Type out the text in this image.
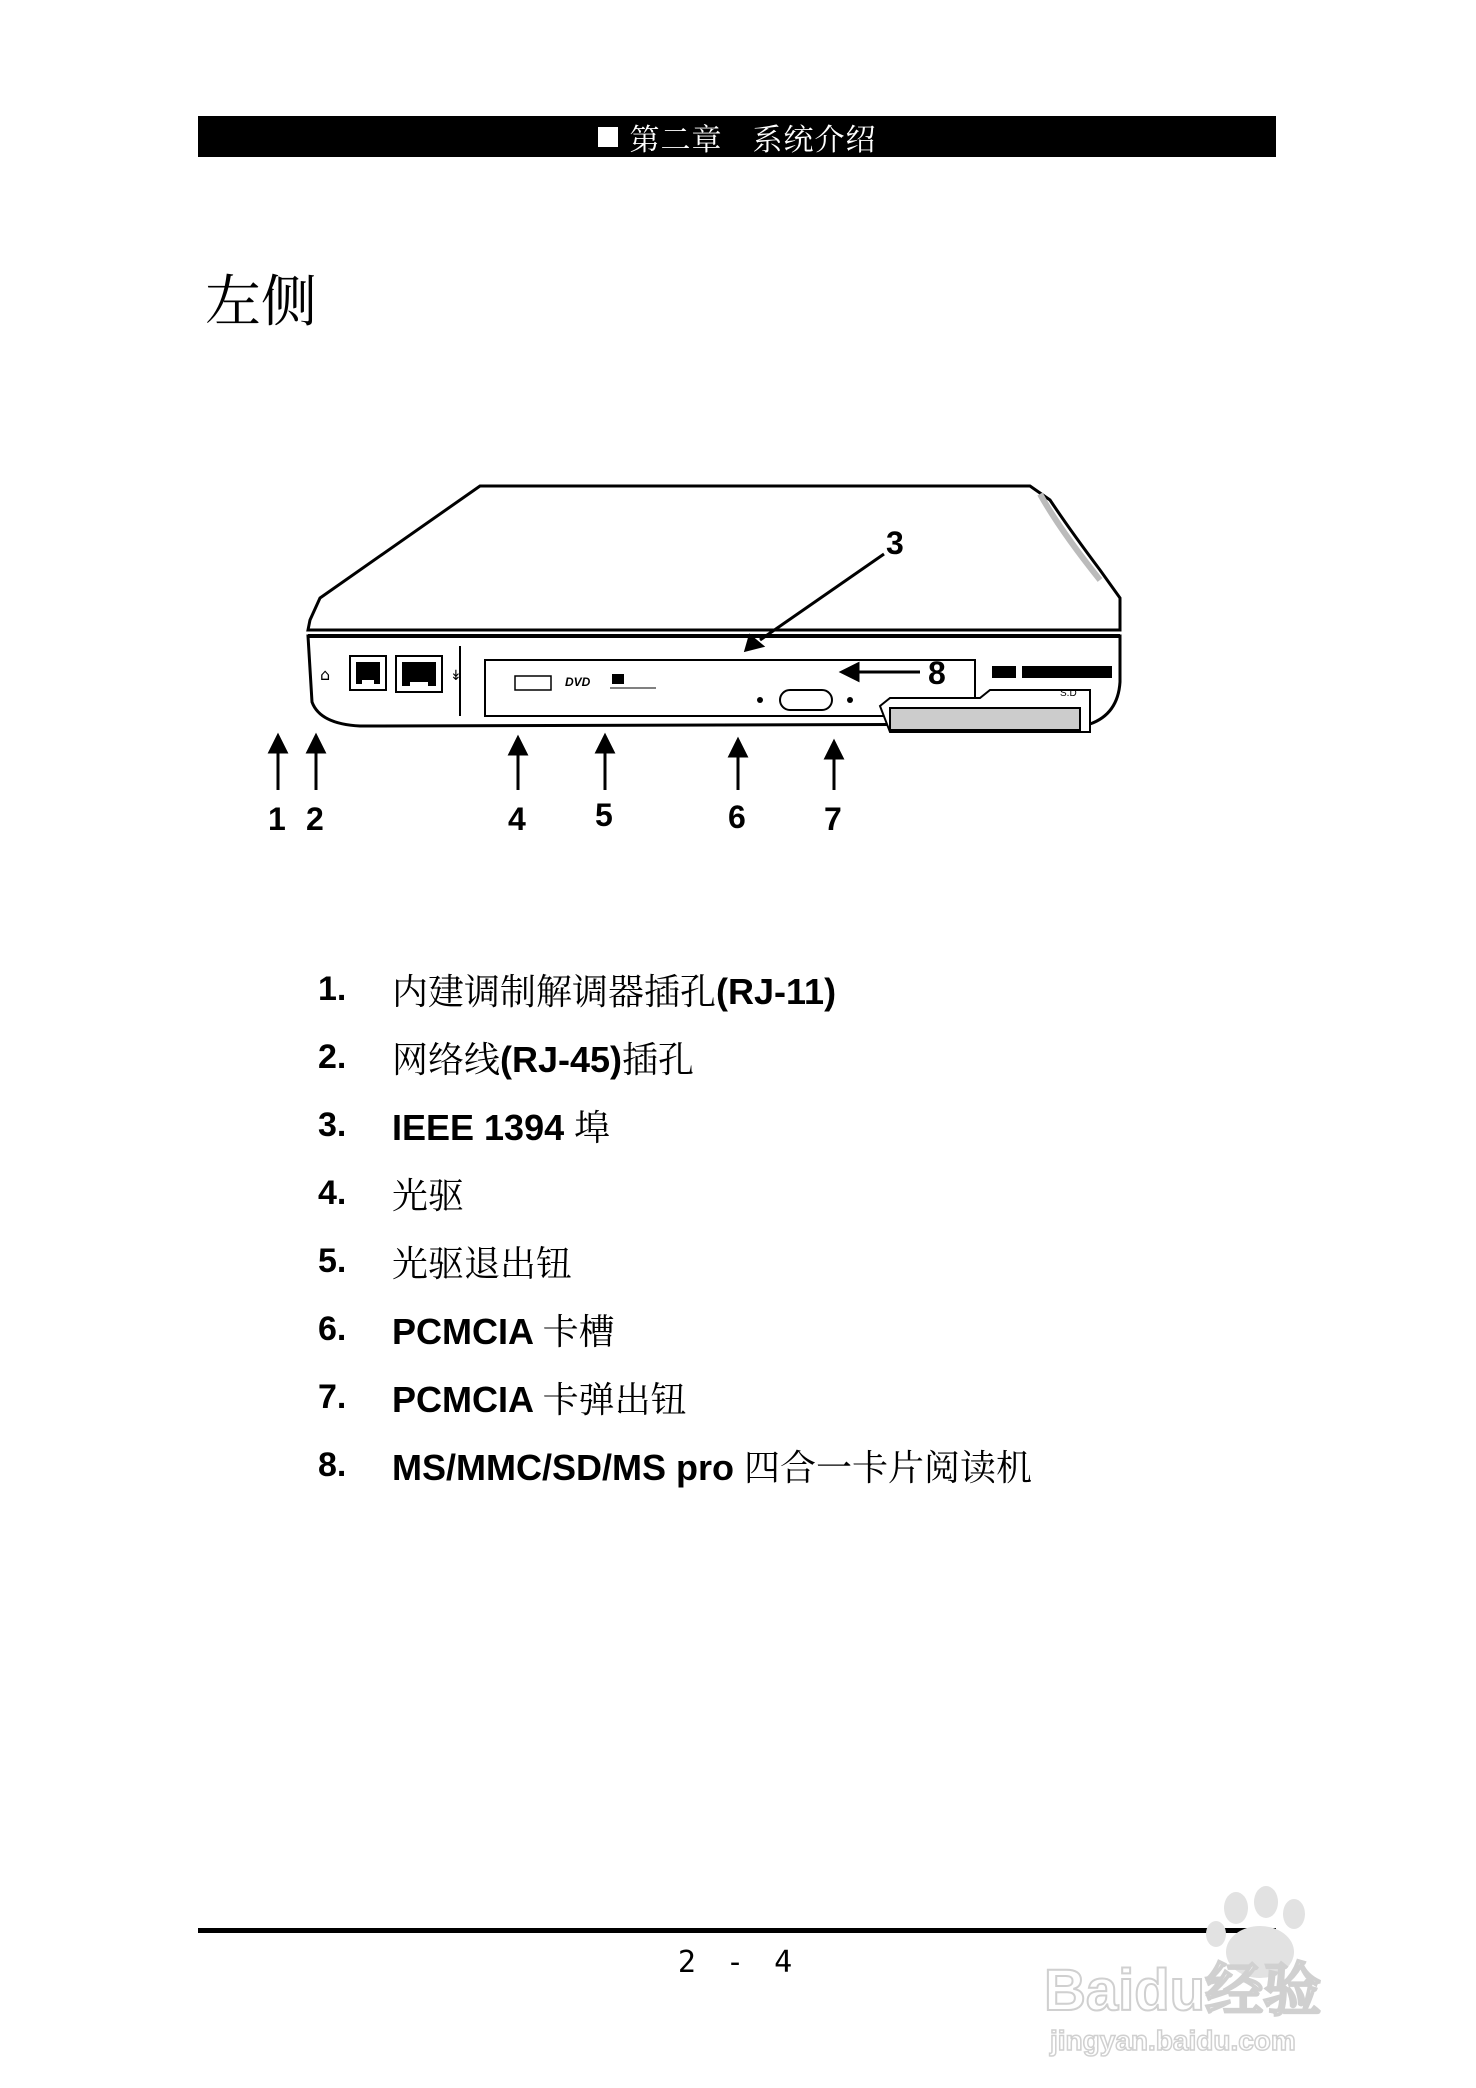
第二章 系统介绍
左侧
⌂	↡	DVD
S.D
1 2
3
4 5	6 7
8
1.	内建调制解调器插孔(RJ-11)
2.	网络线(RJ-45)插孔
3.	IEEE 1394 埠
4.	光驱
5.	光驱退出钮
6.	PCMCIA 卡槽
7.	PCMCIA 卡弹出钮
8.	MS/MMC/SD/MS pro 四合一卡片阅读机
2 - 4	Baidu经验
jingyan.baidu.com
